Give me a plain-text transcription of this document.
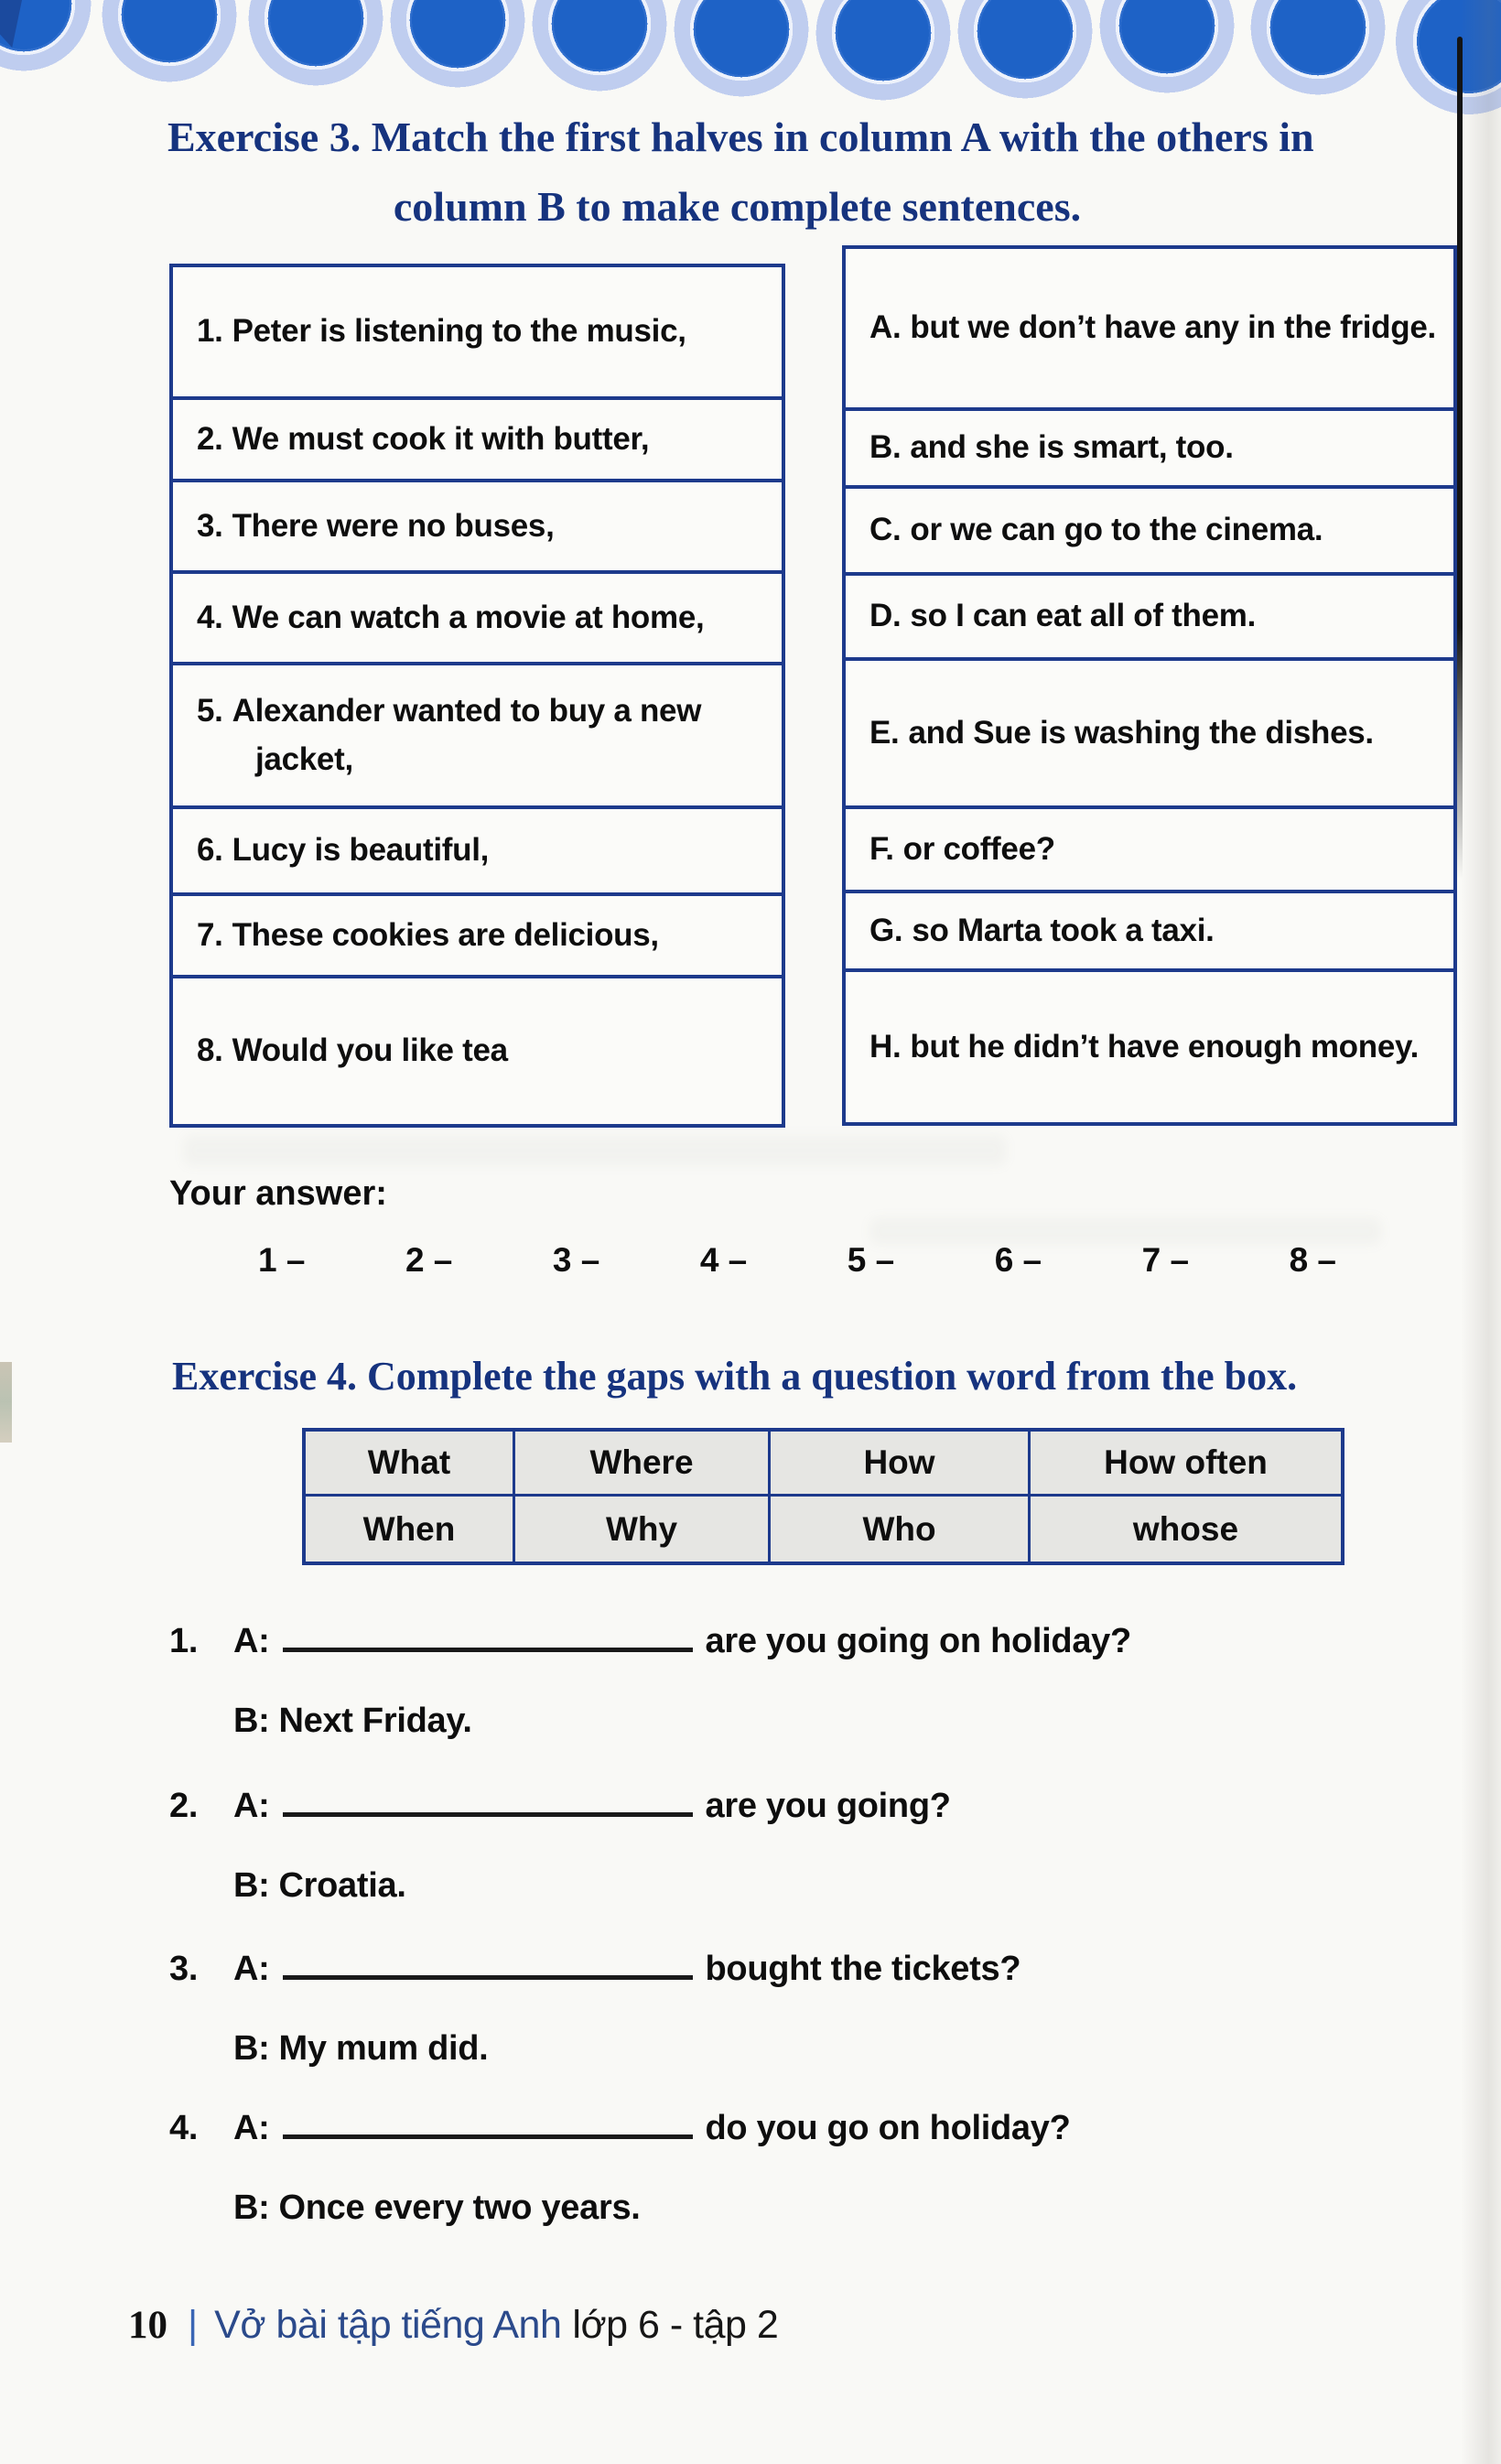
Exercise 3. Match the first halves in column A with the others in
column B to make complete sentences.
1. Peter is listening to the music,
2. We must cook it with butter,
3. There were no buses,
4. We can watch a movie at home,
5. Alexander wanted to buy a new jacket,
6. Lucy is beautiful,
7. These cookies are delicious,
8. Would you like tea
A. but we don’t have any in the fridge.
B. and she is smart, too.
C. or we can go to the cinema.
D. so I can eat all of them.
E. and Sue is washing the dishes.
F. or coffee?
G. so Marta took a taxi.
H. but he didn’t have enough money.
Your answer:
1 –	2 –	3 –	4 –	5 –	6 –	7 –	8 –
Exercise 4. Complete the gaps with a question word from the box.
What	Where	How	How often
When	Why	Who	whose
1.	A:	are you going on holiday?
B: Next Friday.
2.	A:	are you going?
B: Croatia.
3.	A:	bought the tickets?
B: My mum did.
4.	A:	do you go on holiday?
B: Once every two years.
10 | Vở bài tập tiếng Anh lớp 6 - tập 2
